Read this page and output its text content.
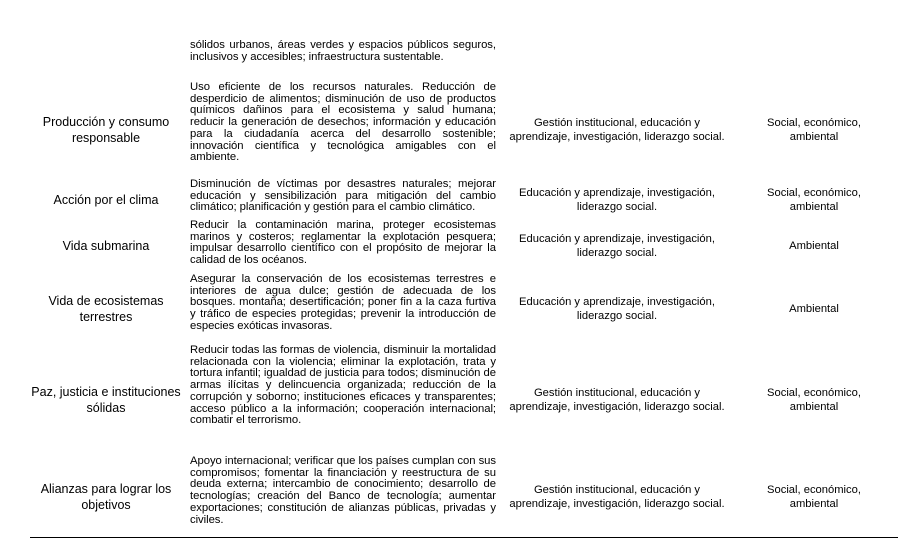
sólidos urbanos, áreas verdes y espacios públicos seguros, inclusivos y accesibles; infraestructura sustentable.
Producción y consumo responsable
Uso eficiente de los recursos naturales. Reducción de desperdicio de alimentos; disminución de uso de productos químicos dañinos para el ecosistema y salud humana; reducir la generación de desechos; información y educación para la ciudadanía acerca del desarrollo sostenible; innovación científica y tecnológica amigables con el ambiente.
Gestión institucional, educación y aprendizaje, investigación, liderazgo social.
Social, económico, ambiental
Acción por el clima
Disminución de víctimas por desastres naturales; mejorar educación y sensibilización para mitigación del cambio climático; planificación y gestión para el cambio climático.
Educación y aprendizaje, investigación, liderazgo social.
Social, económico, ambiental
Vida submarina
Reducir la contaminación marina, proteger ecosistemas marinos y costeros; reglamentar la explotación pesquera; impulsar desarrollo científico con el propósito de mejorar la calidad de los océanos.
Educación y aprendizaje, investigación, liderazgo social.
Ambiental
Vida de ecosistemas terrestres
Asegurar la conservación de los ecosistemas terrestres e interiores de agua dulce; gestión de adecuada de los bosques. montaña; desertificación; poner fin a la caza furtiva y tráfico de especies protegidas; prevenir la introducción de especies exóticas invasoras.
Educación y aprendizaje, investigación, liderazgo social.
Ambiental
Paz, justicia e instituciones sólidas
Reducir todas las formas de violencia, disminuir la mortalidad relacionada con la violencia; eliminar la explotación, trata y tortura infantil; igualdad de justicia para todos; disminución de armas ilícitas y delincuencia organizada; reducción de la corrupción y soborno; instituciones eficaces y transparentes; acceso público a la información; cooperación internacional; combatir el terrorismo.
Gestión institucional, educación y aprendizaje, investigación, liderazgo social.
Social, económico, ambiental
Alianzas para lograr los objetivos
Apoyo internacional; verificar que los países cumplan con sus compromisos; fomentar la financiación y reestructura de su deuda externa; intercambio de conocimiento; desarrollo de tecnologías; creación del Banco de tecnología; aumentar exportaciones; constitución de alianzas públicas, privadas y civiles.
Gestión institucional, educación y aprendizaje, investigación, liderazgo social.
Social, económico, ambiental
